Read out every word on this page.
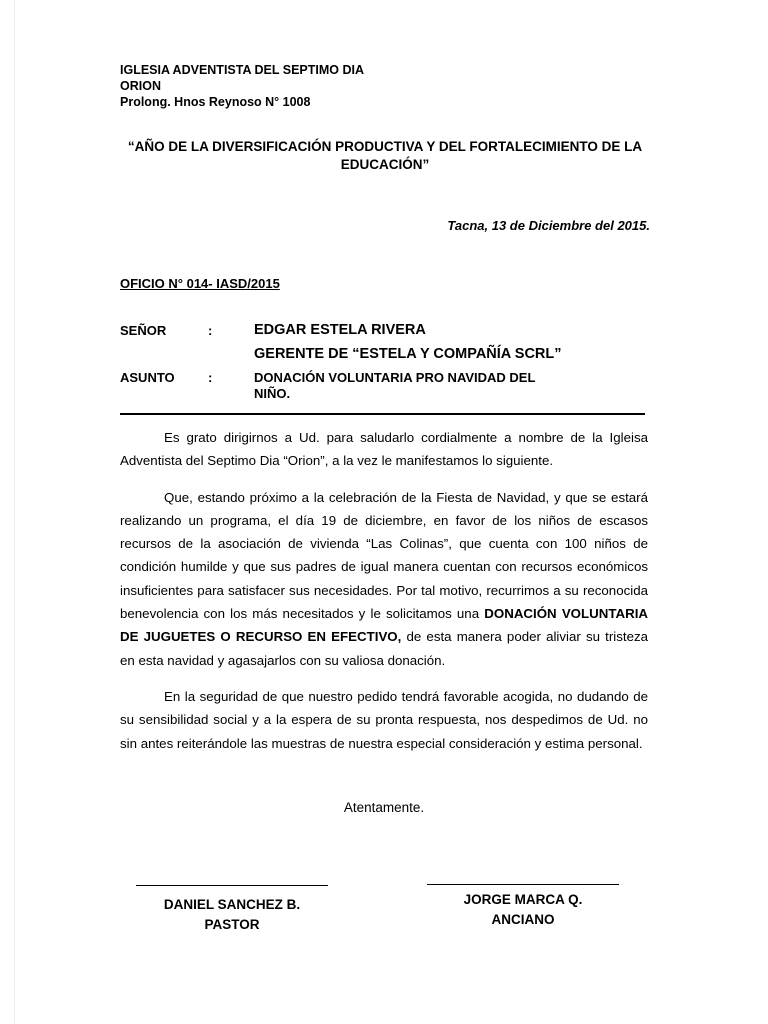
IGLESIA ADVENTISTA DEL SEPTIMO DIA
ORION
Prolong. Hnos Reynoso N° 1008
“AÑO DE LA DIVERSIFICACIÓN PRODUCTIVA Y DEL FORTALECIMIENTO DE LA EDUCACIÓN”
Tacna, 13 de Diciembre del 2015.
OFICIO N° 014- IASD/2015
SEÑOR	:	EDGAR ESTELA RIVERA
GERENTE DE “ESTELA Y COMPAÑÍA SCRL”
ASUNTO	:	DONACIÓN VOLUNTARIA PRO NAVIDAD DEL
NIÑO.

Es grato dirigirnos a Ud. para saludarlo cordialmente a nombre de la Igleisa Adventista del Septimo Dia “Orion”, a la vez le manifestamos lo siguiente.

Que, estando próximo a la celebración de la Fiesta de Navidad, y que se estará realizando un programa, el día 19 de diciembre, en favor de los niños de escasos recursos de la asociación de vivienda “Las Colinas”, que cuenta con 100 niños de condición humilde y que sus padres de igual manera cuentan con recursos económicos insuficientes para satisfacer sus necesidades. Por tal motivo, recurrimos a su reconocida benevolencia con los más necesitados y le solicitamos una DONACIÓN VOLUNTARIA DE JUGUETES O RECURSO EN EFECTIVO, de esta manera poder aliviar su tristeza en esta navidad y agasajarlos con su valiosa donación.

En la seguridad de que nuestro pedido tendrá favorable acogida, no dudando de su sensibilidad social y a la espera de su pronta respuesta, nos despedimos de Ud. no sin antes reiterándole las muestras de nuestra especial consideración y estima personal.

Atentamente.
DANIEL SANCHEZ B.
PASTOR
JORGE MARCA Q.
ANCIANO
